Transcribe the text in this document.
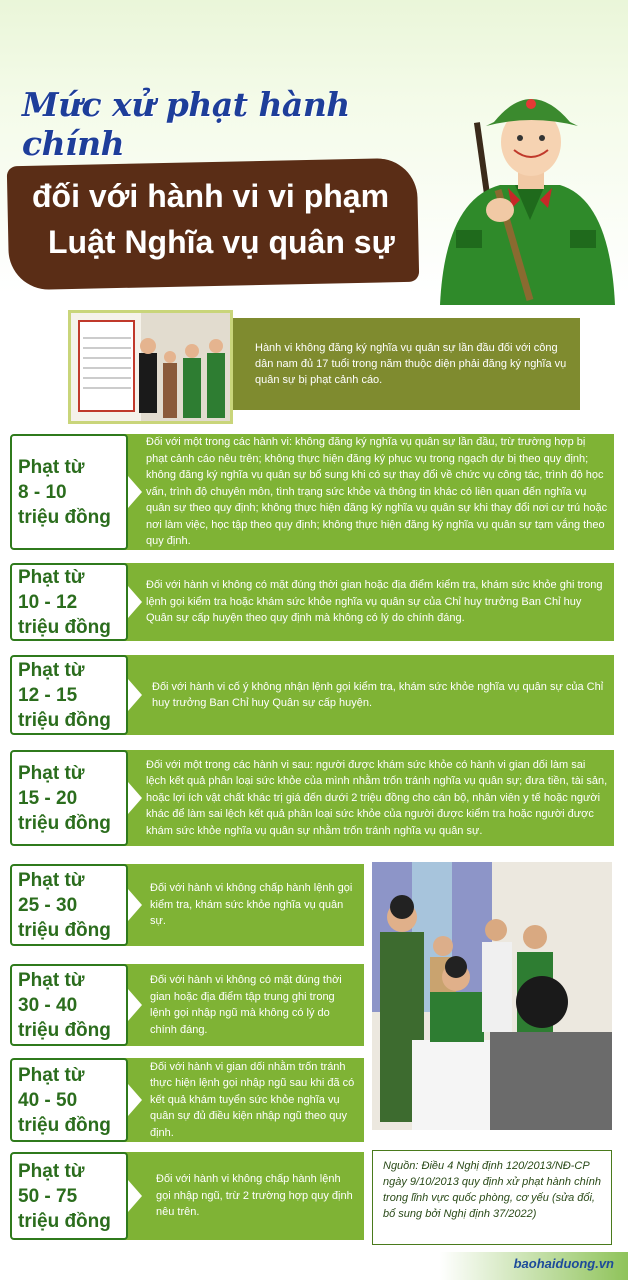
Mức xử phạt hành chính
đối với hành vi vi phạm
Luật Nghĩa vụ quân sự
Hành vi không đăng ký nghĩa vụ quân sự lần đầu đối với công dân nam đủ 17 tuổi trong năm thuộc diện phải đăng ký nghĩa vụ quân sự bị phạt cảnh cáo.
Phạt từ
8 - 10
triệu đồng
Đối với một trong các hành vi: không đăng ký nghĩa vụ quân sự lần đầu, trừ trường hợp bị phạt cảnh cáo nêu trên; không thực hiện đăng ký phục vụ trong ngạch dự bị theo quy định; không đăng ký nghĩa vụ quân sự bổ sung khi có sự thay đổi về chức vụ công tác, trình độ học vấn, trình độ chuyên môn, tình trạng sức khỏe và thông tin khác có liên quan đến nghĩa vụ quân sự theo quy định; không thực hiện đăng ký nghĩa vụ quân sự khi thay đổi nơi cư trú hoặc nơi làm việc, học tập theo quy định; không thực hiện đăng ký nghĩa vụ quân sự tạm vắng theo quy định.
Phạt từ
10 - 12
triệu đồng
Đối với hành vi không có mặt đúng thời gian hoặc địa điểm kiểm tra, khám sức khỏe ghi trong lệnh gọi kiểm tra hoặc khám sức khỏe nghĩa vụ quân sự của Chỉ huy trưởng Ban Chỉ huy Quân sự cấp huyện theo quy định mà không có lý do chính đáng.
Phạt từ
12 - 15
triệu đồng
Đối với hành vi cố ý không nhận lệnh gọi kiểm tra, khám sức khỏe nghĩa vụ quân sự của Chỉ huy trưởng Ban Chỉ huy Quân sự cấp huyện.
Phạt từ
15 - 20
triệu đồng
Đối với một trong các hành vi sau: người được khám sức khỏe có hành vi gian dối làm sai lệch kết quả phân loại sức khỏe của mình nhằm trốn tránh nghĩa vụ quân sự; đưa tiền, tài sản, hoặc lợi ích vật chất khác trị giá đến dưới 2 triệu đồng cho cán bộ, nhân viên y tế hoặc người khác để làm sai lệch kết quả phân loại sức khỏe của người được kiểm tra hoặc người được khám sức khỏe nghĩa vụ quân sự nhằm trốn tránh nghĩa vụ quân sự.
Phạt từ
25 - 30
triệu đồng
Đối với hành vi không chấp hành lệnh gọi kiểm tra, khám sức khỏe nghĩa vụ quân sự.
Phạt từ
30 - 40
triệu đồng
Đối với hành vi không có mặt đúng thời gian hoặc địa điểm tập trung ghi trong lệnh gọi nhập ngũ mà không có lý do chính đáng.
Phạt từ
40 - 50
triệu đồng
Đối với hành vi gian dối nhằm trốn tránh thực hiện lệnh gọi nhập ngũ sau khi đã có kết quả khám tuyển sức khỏe nghĩa vụ quân sự đủ điều kiện nhập ngũ theo quy định.
Phạt từ
50 - 75
triệu đồng
Đối với hành vi không chấp hành lệnh gọi nhập ngũ, trừ 2 trường hợp quy định nêu trên.
Nguồn: Điều 4 Nghị định 120/2013/NĐ-CP ngày 9/10/2013 quy định xử phạt hành chính trong lĩnh vực quốc phòng, cơ yếu (sửa đổi, bổ sung bởi Nghị định 37/2022)
baohaiduong.vn
